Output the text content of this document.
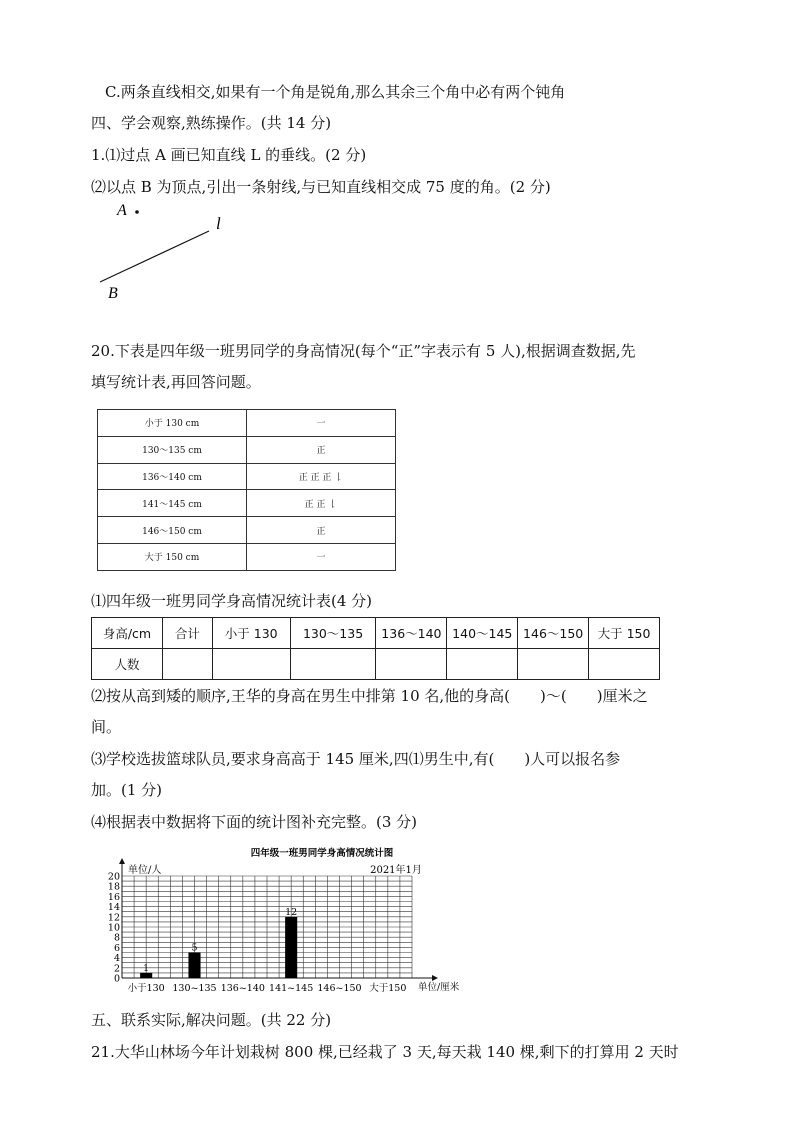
C.两条直线相交,如果有一个角是锐角,那么其余三个角中必有两个钝角
四、学会观察,熟练操作。(共 14 分)
1.⑴过点 A 画已知直线 L 的垂线。(2 分)
⑵以点 B 为顶点,引出一条射线,与已知直线相交成 75 度的角。(2 分)
A
l
B
20.下表是四年级一班男同学的身高情况(每个“正”字表示有 5 人),根据调查数据,先
填写统计表,再回答问题。
小于 130 cm	一
130～135 cm	正
136～140 cm	正 正 正 𠄌
141～145 cm	正 正 𠄌
146～150 cm	正
大于 150 cm	一
⑴四年级一班男同学身高情况统计表(4 分)
身高/cm	合计	小于 130	130～135	136～140	140～145	146～150	大于 150
人数							
⑵按从高到矮的顺序,王华的身高在男生中排第 10 名,他的身高(　　)～(　　)厘米之
间。
⑶学校选拔篮球队员,要求身高高于 145 厘米,四⑴男生中,有(　　)人可以报名参
加。(1 分)
⑷根据表中数据将下面的统计图补充完整。(3 分)
四年级一班男同学身高情况统计图
单位/人	2021年1月
单位/厘米
1
5
12
0
2
4
6
8
10
12
14
16
18
20
小于130 130~135 136~140 141~145 146~150 大于150
五、联系实际,解决问题。(共 22 分)
21.大华山林场今年计划栽树 800 棵,已经栽了 3 天,每天栽 140 棵,剩下的打算用 2 天时
